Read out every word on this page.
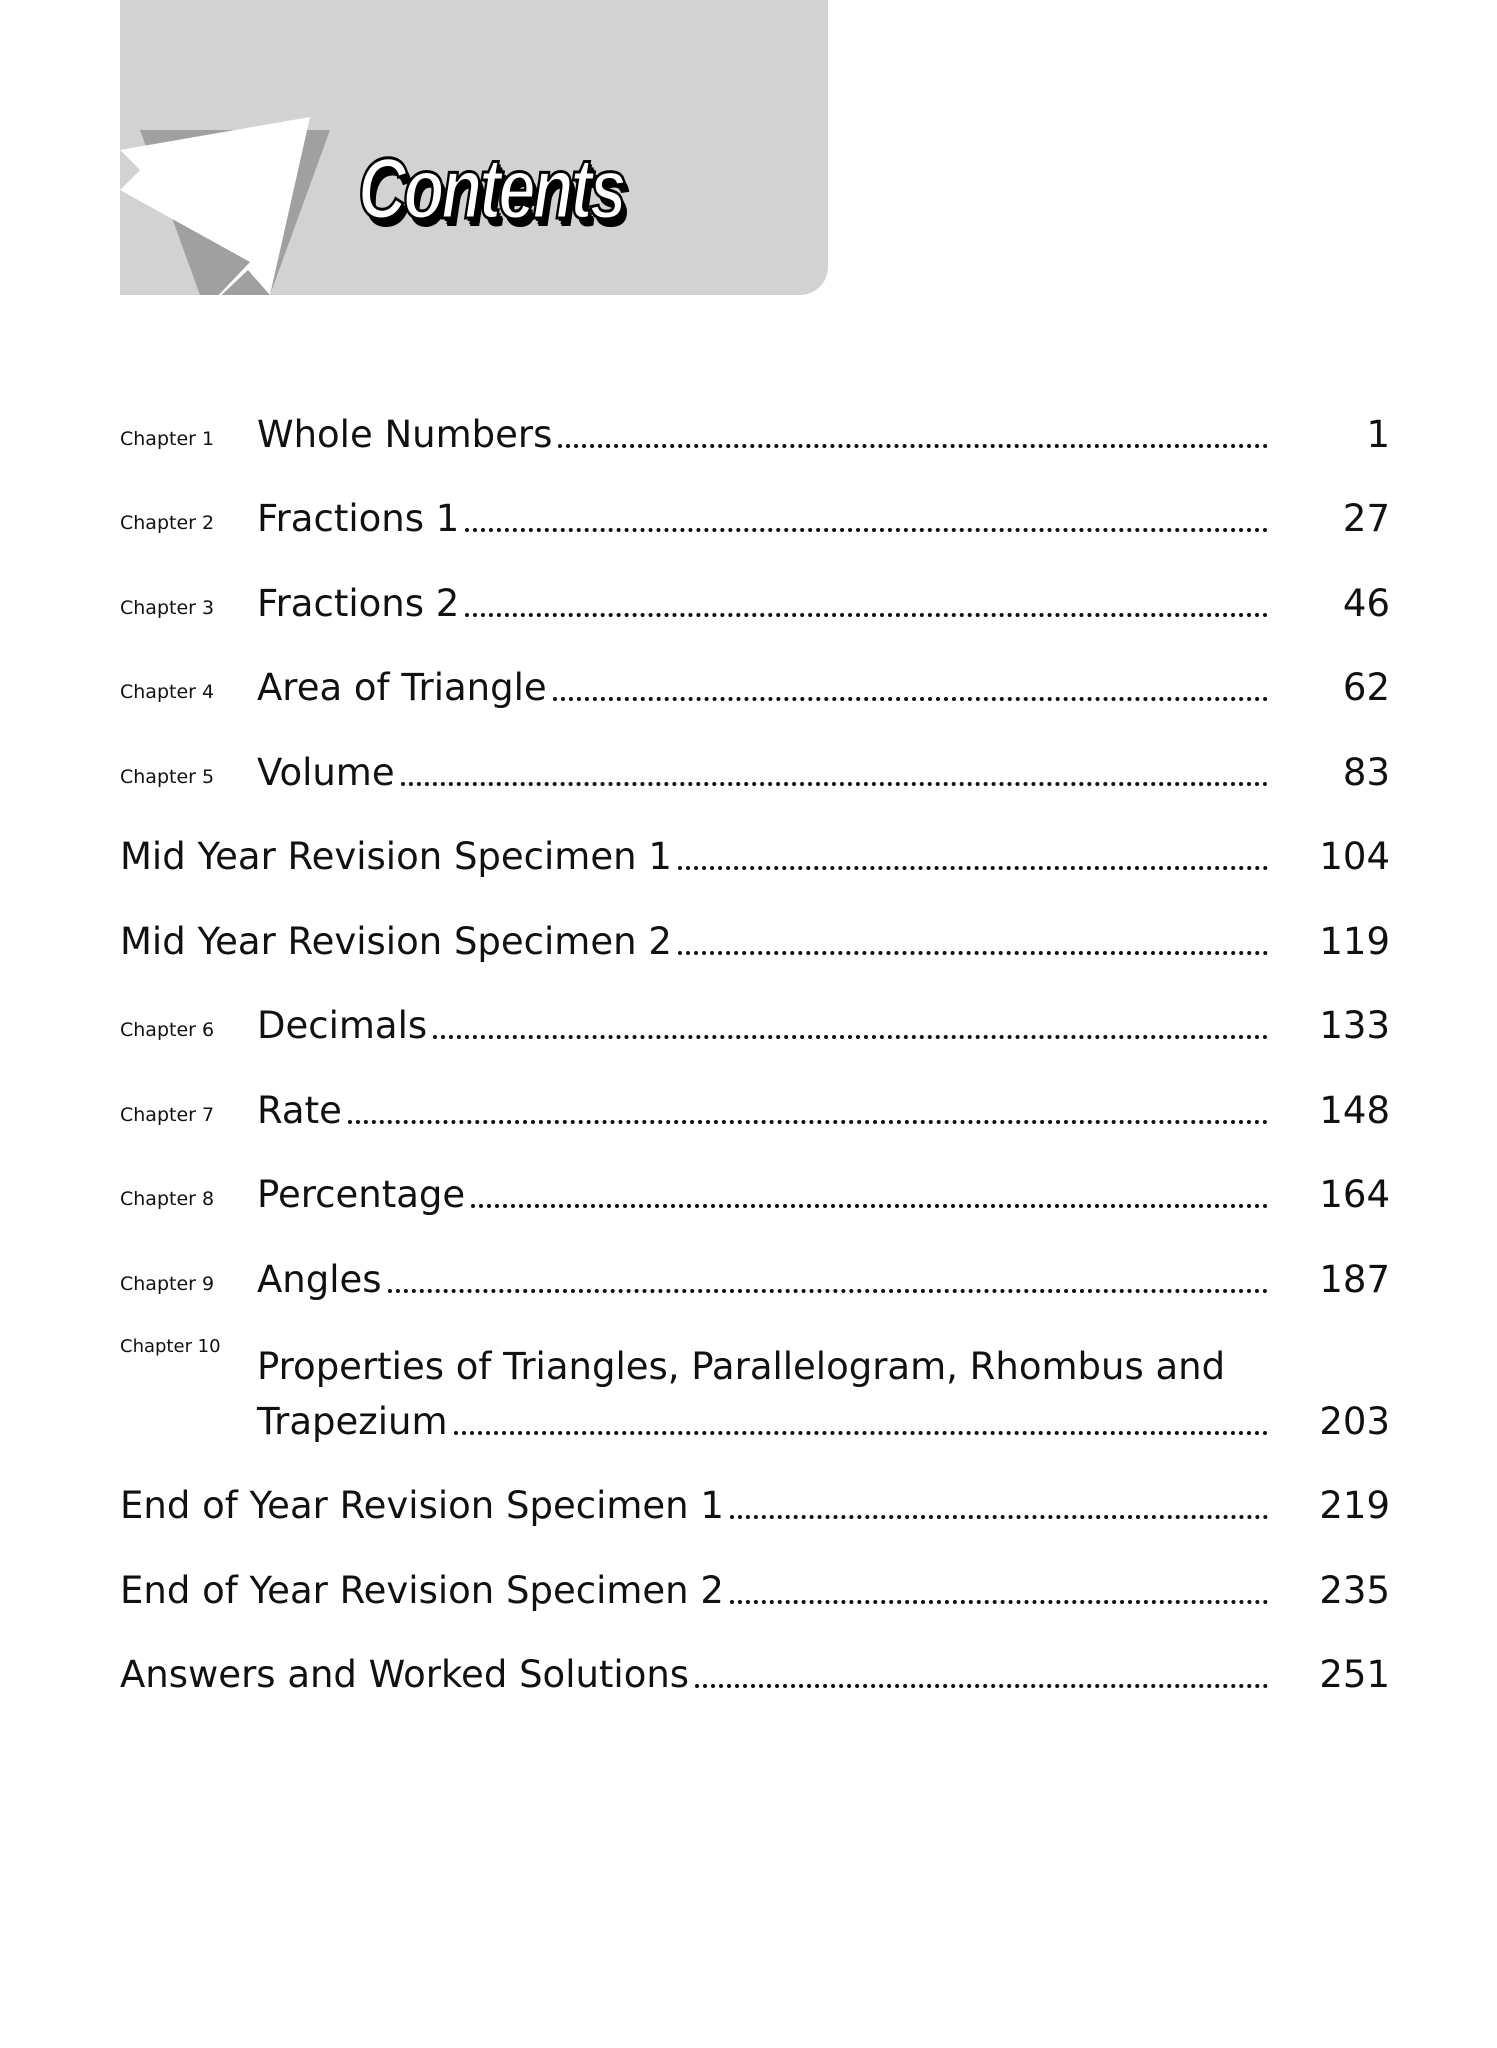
Contents
Chapter 1	Whole Numbers	1
Chapter 2	Fractions 1	27
Chapter 3	Fractions 2	46
Chapter 4	Area of Triangle	62
Chapter 5	Volume	83
Mid Year Revision Specimen 1	104
Mid Year Revision Specimen 2	119
Chapter 6	Decimals	133
Chapter 7	Rate	148
Chapter 8	Percentage	164
Chapter 9	Angles	187
Chapter 10 Properties of Triangles, Parallelogram, Rhombus and
Trapezium	203
End of Year Revision Specimen 1	219
End of Year Revision Specimen 2	235
Answers and Worked Solutions	251
